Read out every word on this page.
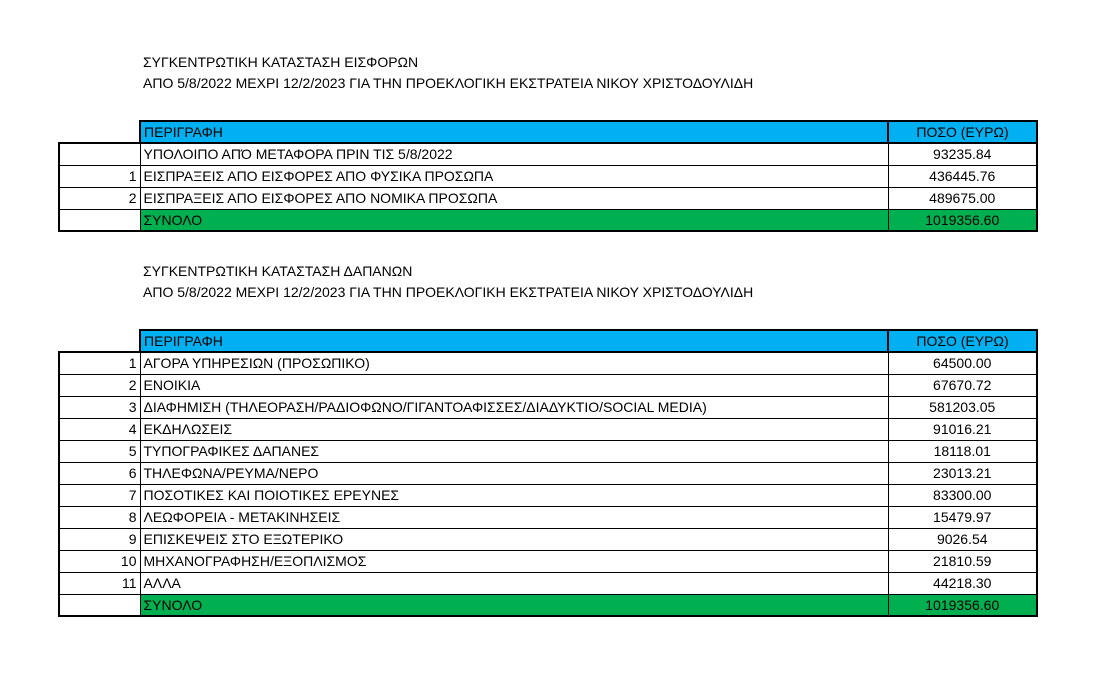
ΣΥΓΚΕΝΤΡΩΤΙΚΗ ΚΑΤΑΣΤΑΣΗ ΕΙΣΦΟΡΩΝ
ΑΠΟ 5/8/2022 ΜΕΧΡΙ 12/2/2023 ΓΙΑ ΤΗΝ ΠΡΟΕΚΛΟΓΙΚΗ ΕΚΣΤΡΑΤΕΙΑ ΝΙΚΟΥ ΧΡΙΣΤΟΔΟΥΛΙΔΗ
	ΠΕΡΙΓΡΑΦΗ	ΠΟΣΟ (ΕΥΡΩ)
	ΥΠΟΛΟΙΠΟ ΑΠΌ ΜΕΤΑΦΟΡΑ ΠΡΙΝ ΤΙΣ 5/8/2022	93235.84
1	ΕΙΣΠΡΑΞΕΙΣ ΑΠΟ ΕΙΣΦΟΡΕΣ ΑΠΟ ΦΥΣΙΚΑ ΠΡΟΣΩΠΑ	436445.76
2	ΕΙΣΠΡΑΞΕΙΣ ΑΠΟ ΕΙΣΦΟΡΕΣ ΑΠΟ ΝΟΜΙΚΑ ΠΡΟΣΩΠΑ	489675.00
	ΣΥΝΟΛΟ	1019356.60
ΣΥΓΚΕΝΤΡΩΤΙΚΗ ΚΑΤΑΣΤΑΣΗ ΔΑΠΑΝΩΝ
ΑΠΟ 5/8/2022 ΜΕΧΡΙ 12/2/2023 ΓΙΑ ΤΗΝ ΠΡΟΕΚΛΟΓΙΚΗ ΕΚΣΤΡΑΤΕΙΑ ΝΙΚΟΥ ΧΡΙΣΤΟΔΟΥΛΙΔΗ
	ΠΕΡΙΓΡΑΦΗ	ΠΟΣΟ (ΕΥΡΩ)
1	ΑΓΟΡΑ ΥΠΗΡΕΣΙΩΝ (ΠΡΟΣΩΠΙΚΟ)	64500.00
2	ΕΝΟΙΚΙΑ	67670.72
3	ΔΙΑΦΗΜΙΣΗ (ΤΗΛΕΟΡΑΣΗ/ΡΑΔΙΟΦΩΝΟ/ΓΙΓΑΝΤΟΑΦΙΣΣΕΣ/ΔΙΑΔΥΚΤΙΟ/SOCIAL MEDIA)	581203.05
4	ΕΚΔΗΛΩΣΕΙΣ	91016.21
5	ΤΥΠΟΓΡΑΦΙΚΕΣ ΔΑΠΑΝΕΣ	18118.01
6	ΤΗΛΕΦΩΝΑ/ΡΕΥΜΑ/ΝΕΡΟ	23013.21
7	ΠΟΣΟΤΙΚΕΣ ΚΑΙ ΠΟΙΟΤΙΚΕΣ ΕΡΕΥΝΕΣ	83300.00
8	ΛΕΩΦΟΡΕΙΑ - ΜΕΤΑΚΙΝΗΣΕΙΣ	15479.97
9	ΕΠΙΣΚΕΨΕΙΣ ΣΤΟ ΕΞΩΤΕΡΙΚΟ	9026.54
10	ΜΗΧΑΝΟΓΡΑΦΗΣΗ/ΕΞΟΠΛΙΣΜΟΣ	21810.59
11	ΑΛΛΑ	44218.30
	ΣΥΝΟΛΟ	1019356.60
